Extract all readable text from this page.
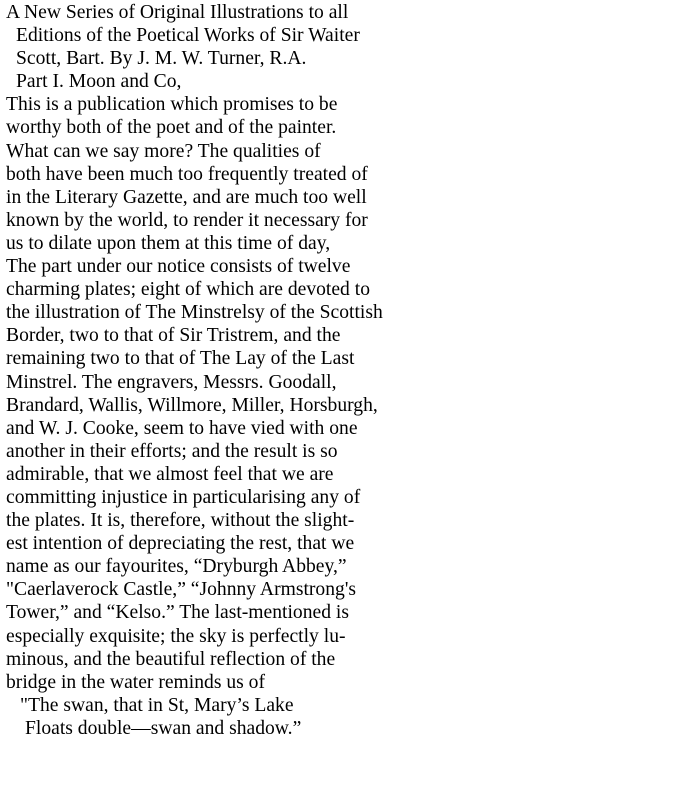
A New Series of Original Illustrations to all
Editions of the Poetical Works of Sir Waiter
Scott, Bart. By J. M. W. Turner, R.A.
Part I. Moon and Co,
This is a publication which promises to be
worthy both of the poet and of the painter.
What can we say more? The qualities of
both have been much too frequently treated of
in the Literary Gazette, and are much too well
known by the world, to render it necessary for
us to dilate upon them at this time of day,
The part under our notice consists of twelve
charming plates; eight of which are devoted to
the illustration of The Minstrelsy of the Scottish
Border, two to that of Sir Tristrem, and the
remaining two to that of The Lay of the Last
Minstrel. The engravers, Messrs. Goodall,
Brandard, Wallis, Willmore, Miller, Horsburgh,
and W. J. Cooke, seem to have vied with one
another in their efforts; and the result is so
admirable, that we almost feel that we are
committing injustice in particularising any of
the plates. It is, therefore, without the slight-
est intention of depreciating the rest, that we
name as our fayourites, “Dryburgh Abbey,”
"Caerlaverock Castle,” “Johnny Armstrong's
Tower,” and “Kelso.” The last-mentioned is
especially exquisite; the sky is perfectly lu-
minous, and the beautiful reflection of the
bridge in the water reminds us of
"The swan, that in St, Mary’s Lake
Floats double—swan and shadow.”
